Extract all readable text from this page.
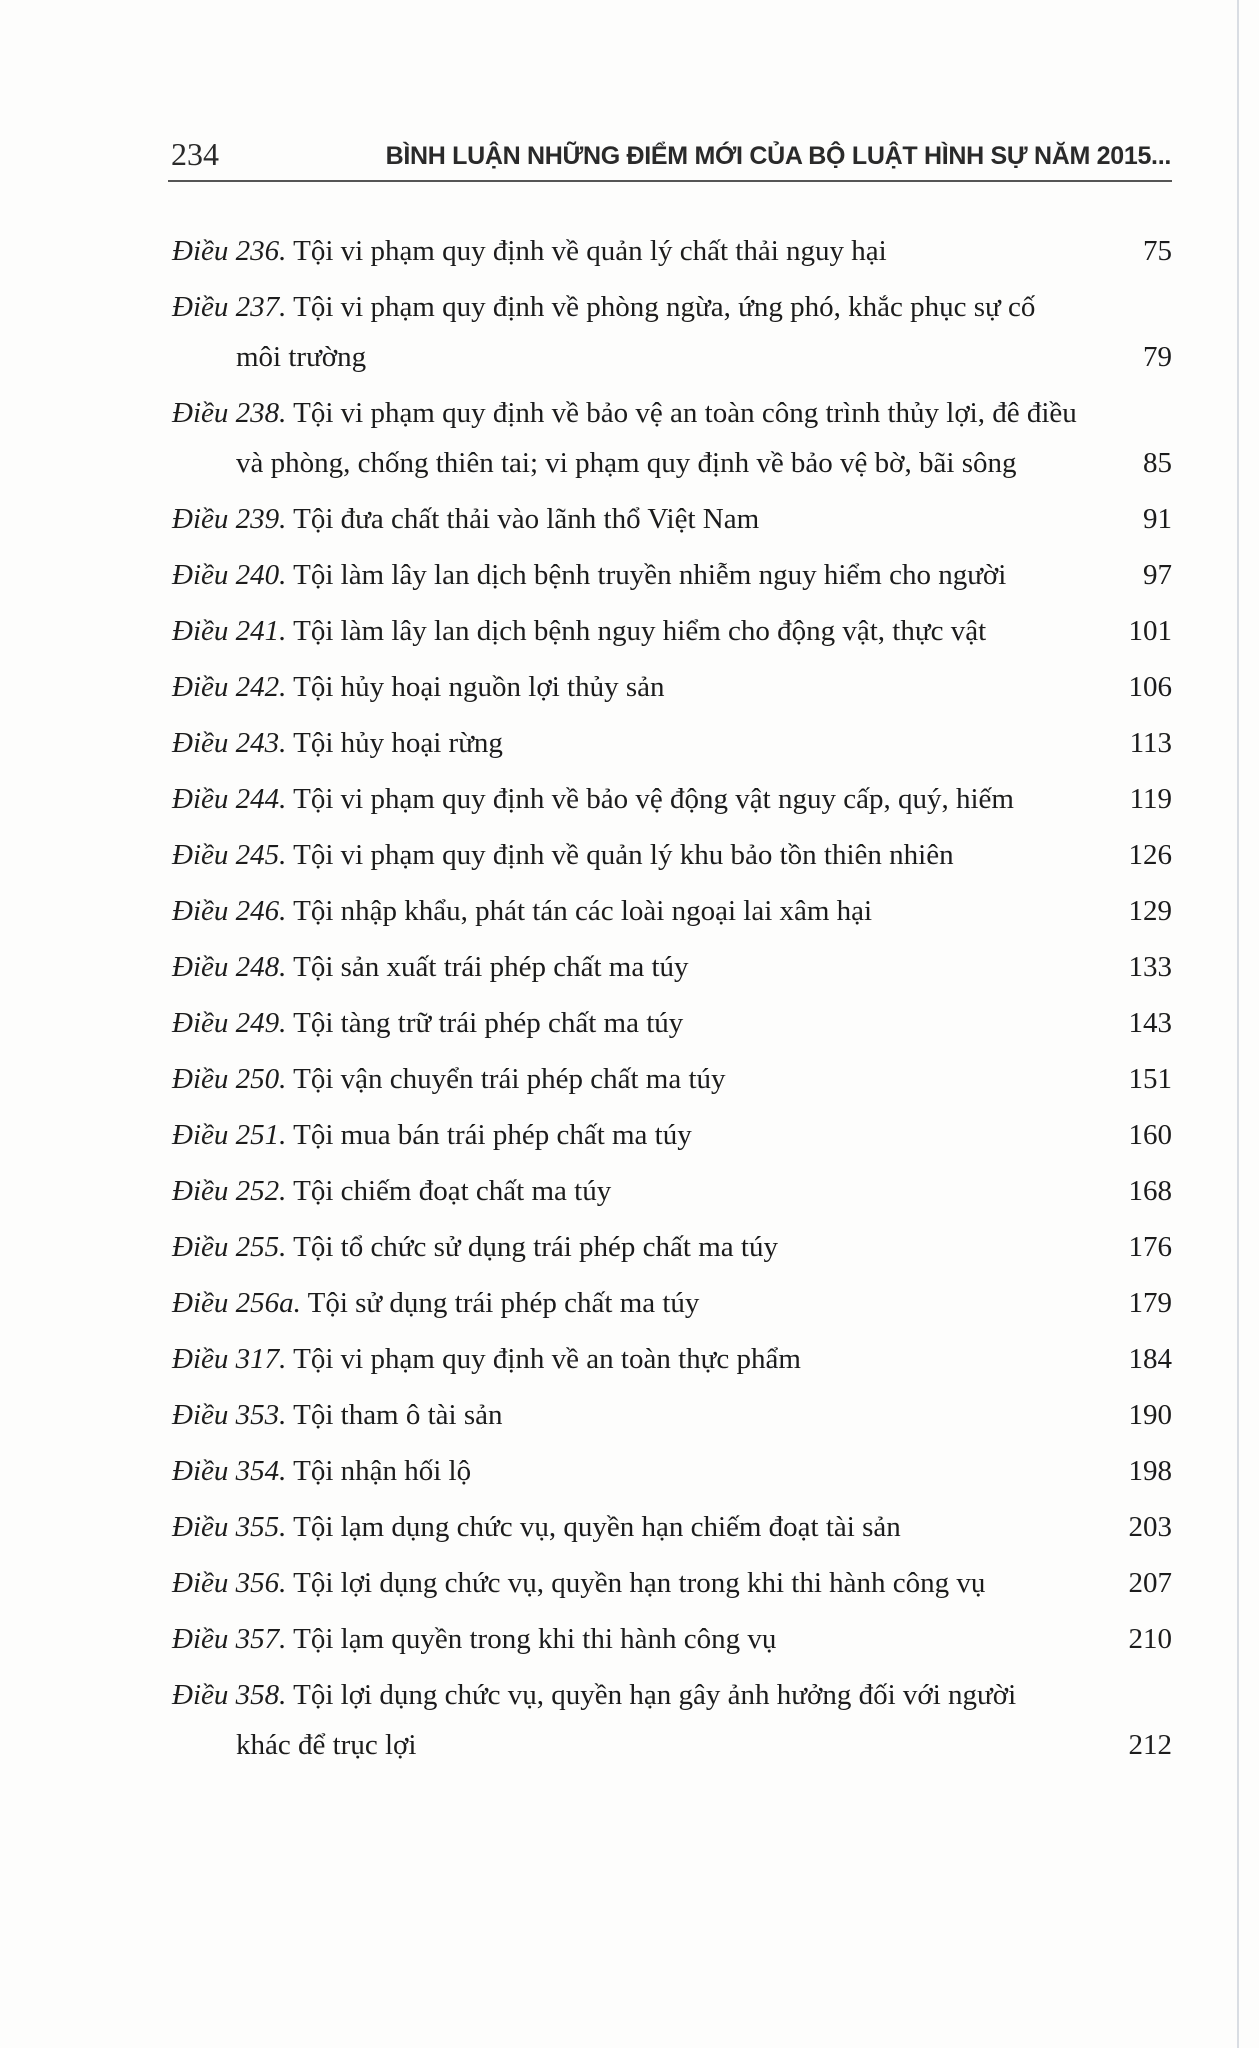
234	BÌNH LUẬN NHỮNG ĐIỂM MỚI CỦA BỘ LUẬT HÌNH SỰ NĂM 2015...
Điều 236. Tội vi phạm quy định về quản lý chất thải nguy hại	75
Điều 237. Tội vi phạm quy định về phòng ngừa, ứng phó, khắc phục sự cố môi trường	79
Điều 238. Tội vi phạm quy định về bảo vệ an toàn công trình thủy lợi, đê điều và phòng, chống thiên tai; vi phạm quy định về bảo vệ bờ, bãi sông	85
Điều 239. Tội đưa chất thải vào lãnh thổ Việt Nam	91
Điều 240. Tội làm lây lan dịch bệnh truyền nhiễm nguy hiểm cho người	97
Điều 241. Tội làm lây lan dịch bệnh nguy hiểm cho động vật, thực vật	101
Điều 242. Tội hủy hoại nguồn lợi thủy sản	106
Điều 243. Tội hủy hoại rừng	113
Điều 244. Tội vi phạm quy định về bảo vệ động vật nguy cấp, quý, hiếm	119
Điều 245. Tội vi phạm quy định về quản lý khu bảo tồn thiên nhiên	126
Điều 246. Tội nhập khẩu, phát tán các loài ngoại lai xâm hại	129
Điều 248. Tội sản xuất trái phép chất ma túy	133
Điều 249. Tội tàng trữ trái phép chất ma túy	143
Điều 250. Tội vận chuyển trái phép chất ma túy	151
Điều 251. Tội mua bán trái phép chất ma túy	160
Điều 252. Tội chiếm đoạt chất ma túy	168
Điều 255. Tội tổ chức sử dụng trái phép chất ma túy	176
Điều 256a. Tội sử dụng trái phép chất ma túy	179
Điều 317. Tội vi phạm quy định về an toàn thực phẩm	184
Điều 353. Tội tham ô tài sản	190
Điều 354. Tội nhận hối lộ	198
Điều 355. Tội lạm dụng chức vụ, quyền hạn chiếm đoạt tài sản	203
Điều 356. Tội lợi dụng chức vụ, quyền hạn trong khi thi hành công vụ	207
Điều 357. Tội lạm quyền trong khi thi hành công vụ	210
Điều 358. Tội lợi dụng chức vụ, quyền hạn gây ảnh hưởng đối với người khác để trục lợi	212
